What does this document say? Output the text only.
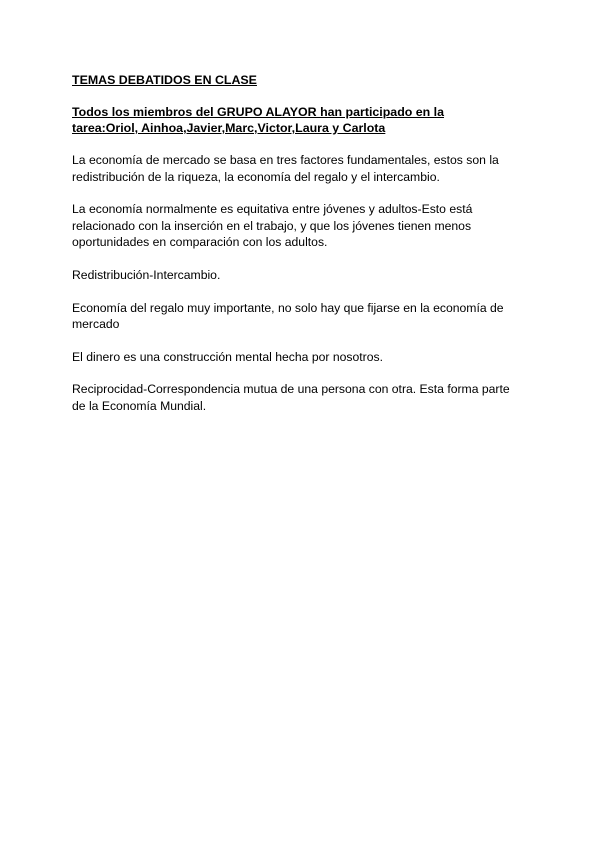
TEMAS DEBATIDOS EN CLASE

Todos los miembros del GRUPO ALAYOR han participado en la tarea:Oriol, Ainhoa,Javier,Marc,Victor,Laura y Carlota

La economía de mercado se basa en tres factores fundamentales, estos son la redistribución de la riqueza, la economía del regalo y el intercambio.

La economía normalmente es equitativa entre jóvenes y adultos-Esto está relacionado con la inserción en el trabajo, y que los jóvenes tienen menos oportunidades en comparación con los adultos.

Redistribución-Intercambio.

Economía del regalo muy importante, no solo hay que fijarse en la economía de mercado

El dinero es una construcción mental hecha por nosotros.

Reciprocidad-Correspondencia mutua de una persona con otra. Esta forma parte de la Economía Mundial.
